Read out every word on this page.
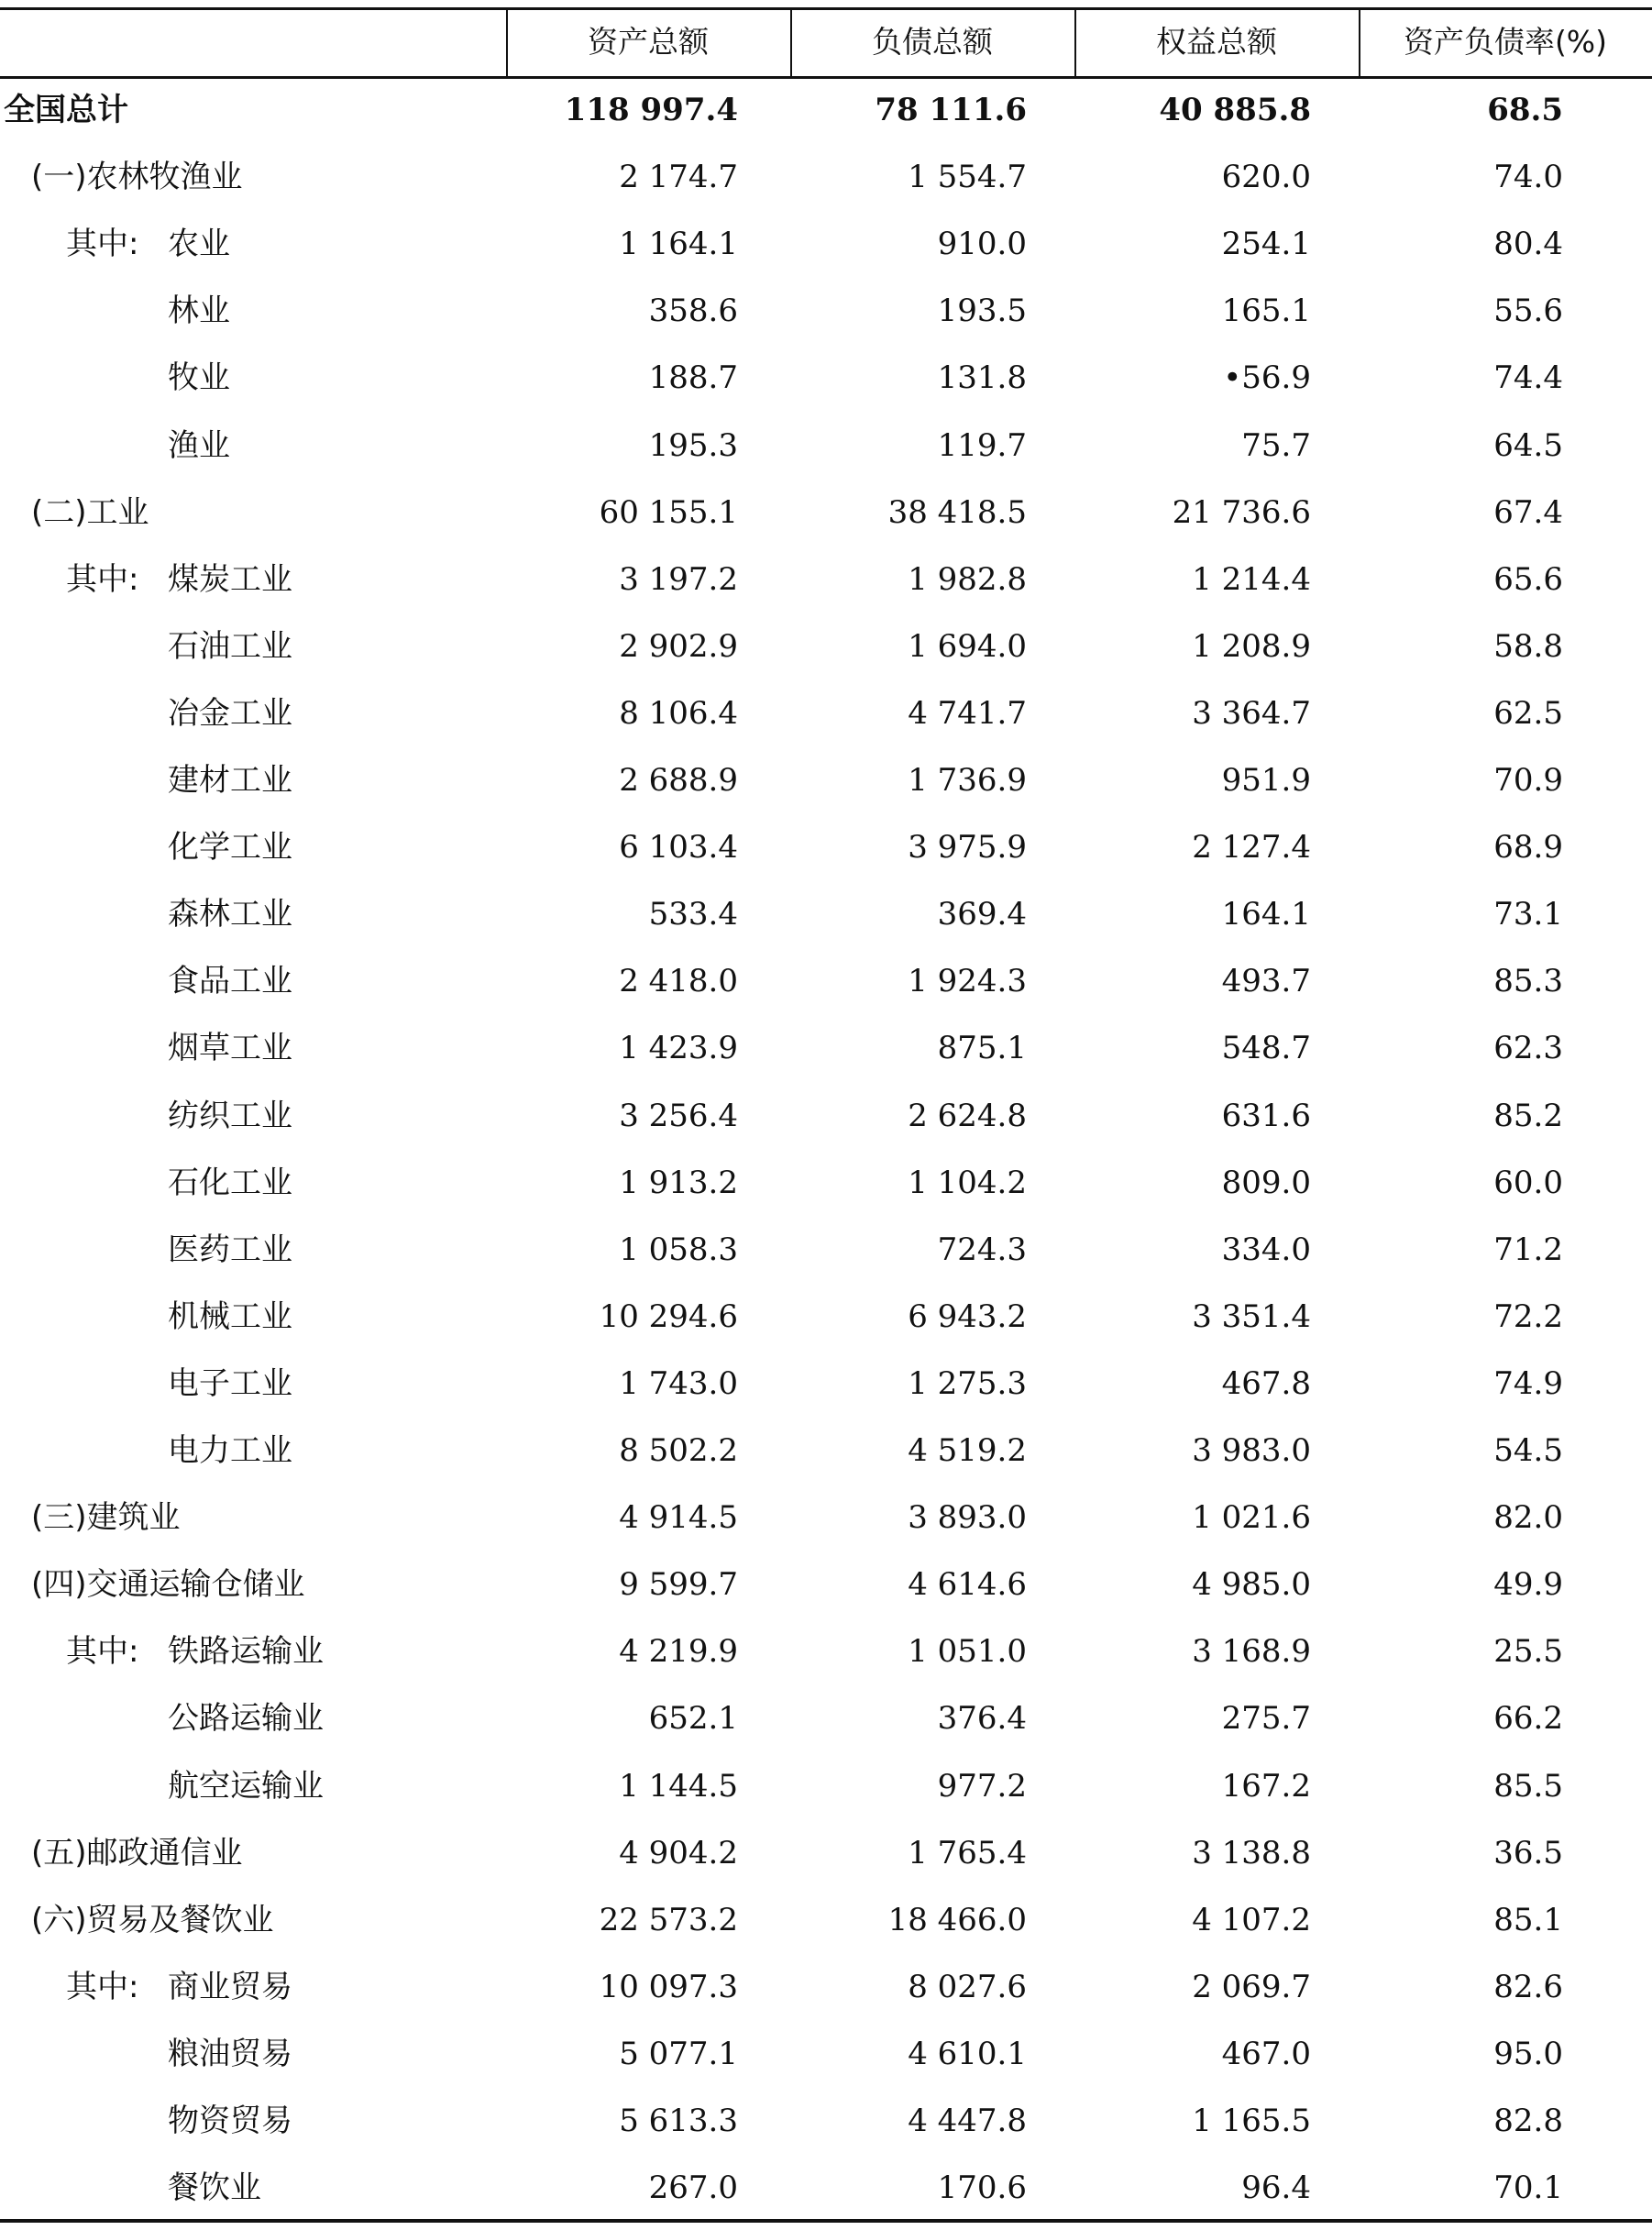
资产总额	负债总额	权益总额	资产负债率(%)
全国总计	118 997.4	78 111.6	40 885.8	68.5
(一)农林牧渔业	2 174.7	1 554.7	620.0	74.0
其中: 农业	1 164.1	910.0	254.1	80.4
林业	358.6	193.5	165.1	55.6
牧业	188.7	131.8	•56.9	74.4
渔业	195.3	119.7	75.7	64.5
(二)工业	60 155.1	38 418.5	21 736.6	67.4
其中: 煤炭工业	3 197.2	1 982.8	1 214.4	65.6
石油工业	2 902.9	1 694.0	1 208.9	58.8
冶金工业	8 106.4	4 741.7	3 364.7	62.5
建材工业	2 688.9	1 736.9	951.9	70.9
化学工业	6 103.4	3 975.9	2 127.4	68.9
森林工业	533.4	369.4	164.1	73.1
食品工业	2 418.0	1 924.3	493.7	85.3
烟草工业	1 423.9	875.1	548.7	62.3
纺织工业	3 256.4	2 624.8	631.6	85.2
石化工业	1 913.2	1 104.2	809.0	60.0
医药工业	1 058.3	724.3	334.0	71.2
机械工业	10 294.6	6 943.2	3 351.4	72.2
电子工业	1 743.0	1 275.3	467.8	74.9
电力工业	8 502.2	4 519.2	3 983.0	54.5
(三)建筑业	4 914.5	3 893.0	1 021.6	82.0
(四)交通运输仓储业	9 599.7	4 614.6	4 985.0	49.9
其中: 铁路运输业	4 219.9	1 051.0	3 168.9	25.5
公路运输业	652.1	376.4	275.7	66.2
航空运输业	1 144.5	977.2	167.2	85.5
(五)邮政通信业	4 904.2	1 765.4	3 138.8	36.5
(六)贸易及餐饮业	22 573.2	18 466.0	4 107.2	85.1
其中: 商业贸易	10 097.3	8 027.6	2 069.7	82.6
粮油贸易	5 077.1	4 610.1	467.0	95.0
物资贸易	5 613.3	4 447.8	1 165.5	82.8
餐饮业	267.0	170.6	96.4	70.1
